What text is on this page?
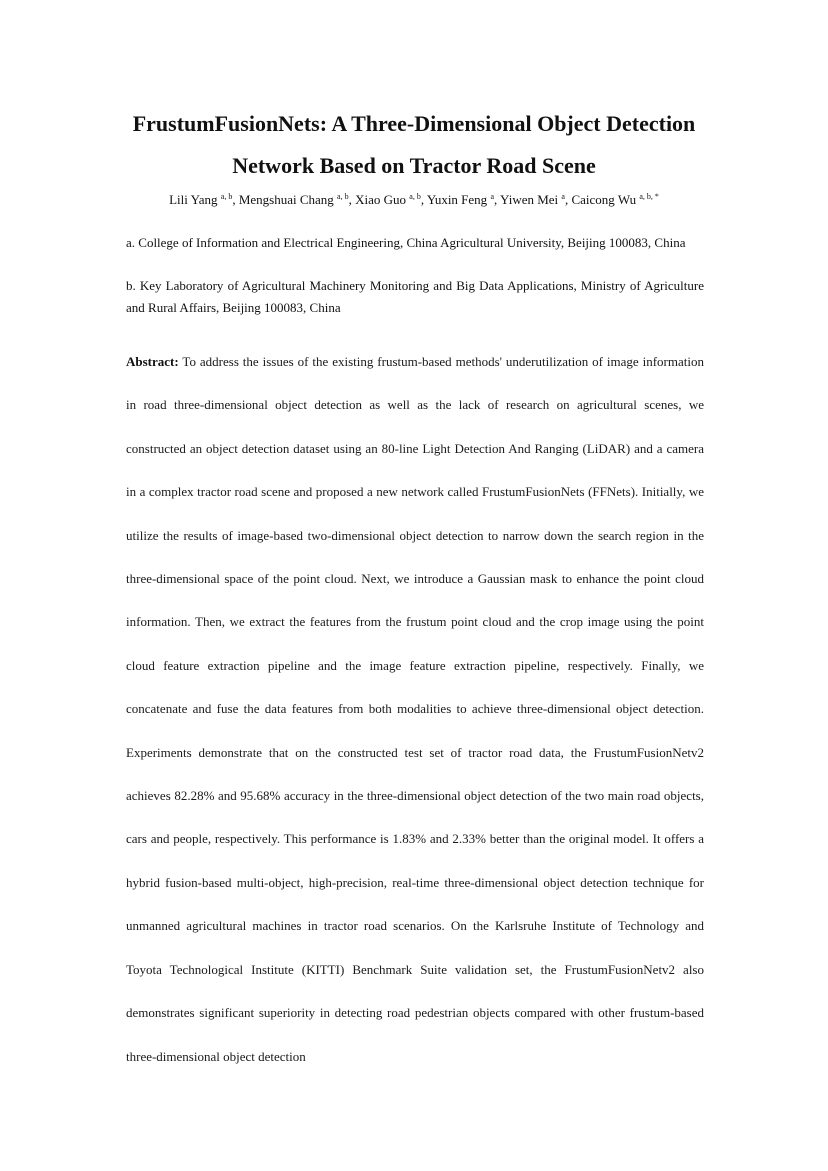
FrustumFusionNets: A Three-Dimensional Object Detection
Network Based on Tractor Road Scene
Lili Yang $^{a, b}$, Mengshuai Chang $^{a, b}$, Xiao Guo $^{a, b}$, Yuxin Feng $^a$, Yiwen Mei $^a$, Caicong Wu $^{a, b, *}$

a. College of Information and Electrical Engineering, China Agricultural University, Beijing 100083, China

b. Key Laboratory of Agricultural Machinery Monitoring and Big Data Applications, Ministry of Agriculture and Rural Affairs, Beijing 100083, China

Abstract: To address the issues of the existing frustum-based methods' underutilization of image information in road three-dimensional object detection as well as the lack of research on agricultural scenes, we constructed an object detection dataset using an 80-line Light Detection And Ranging (LiDAR) and a camera in a complex tractor road scene and proposed a new network called FrustumFusionNets (FFNets). Initially, we utilize the results of image-based two-dimensional object detection to narrow down the search region in the three-dimensional space of the point cloud. Next, we introduce a Gaussian mask to enhance the point cloud information. Then, we extract the features from the frustum point cloud and the crop image using the point cloud feature extraction pipeline and the image feature extraction pipeline, respectively. Finally, we concatenate and fuse the data features from both modalities to achieve three-dimensional object detection. Experiments demonstrate that on the constructed test set of tractor road data, the FrustumFusionNetv2 achieves 82.28% and 95.68% accuracy in the three-dimensional object detection of the two main road objects, cars and people, respectively. This performance is 1.83% and 2.33% better than the original model. It offers a hybrid fusion-based multi-object, high-precision, real-time three-dimensional object detection technique for unmanned agricultural machines in tractor road scenarios. On the Karlsruhe Institute of Technology and Toyota Technological Institute (KITTI) Benchmark Suite validation set, the FrustumFusionNetv2 also demonstrates significant superiority in detecting road pedestrian objects compared with other frustum-based three-dimensional object detection
